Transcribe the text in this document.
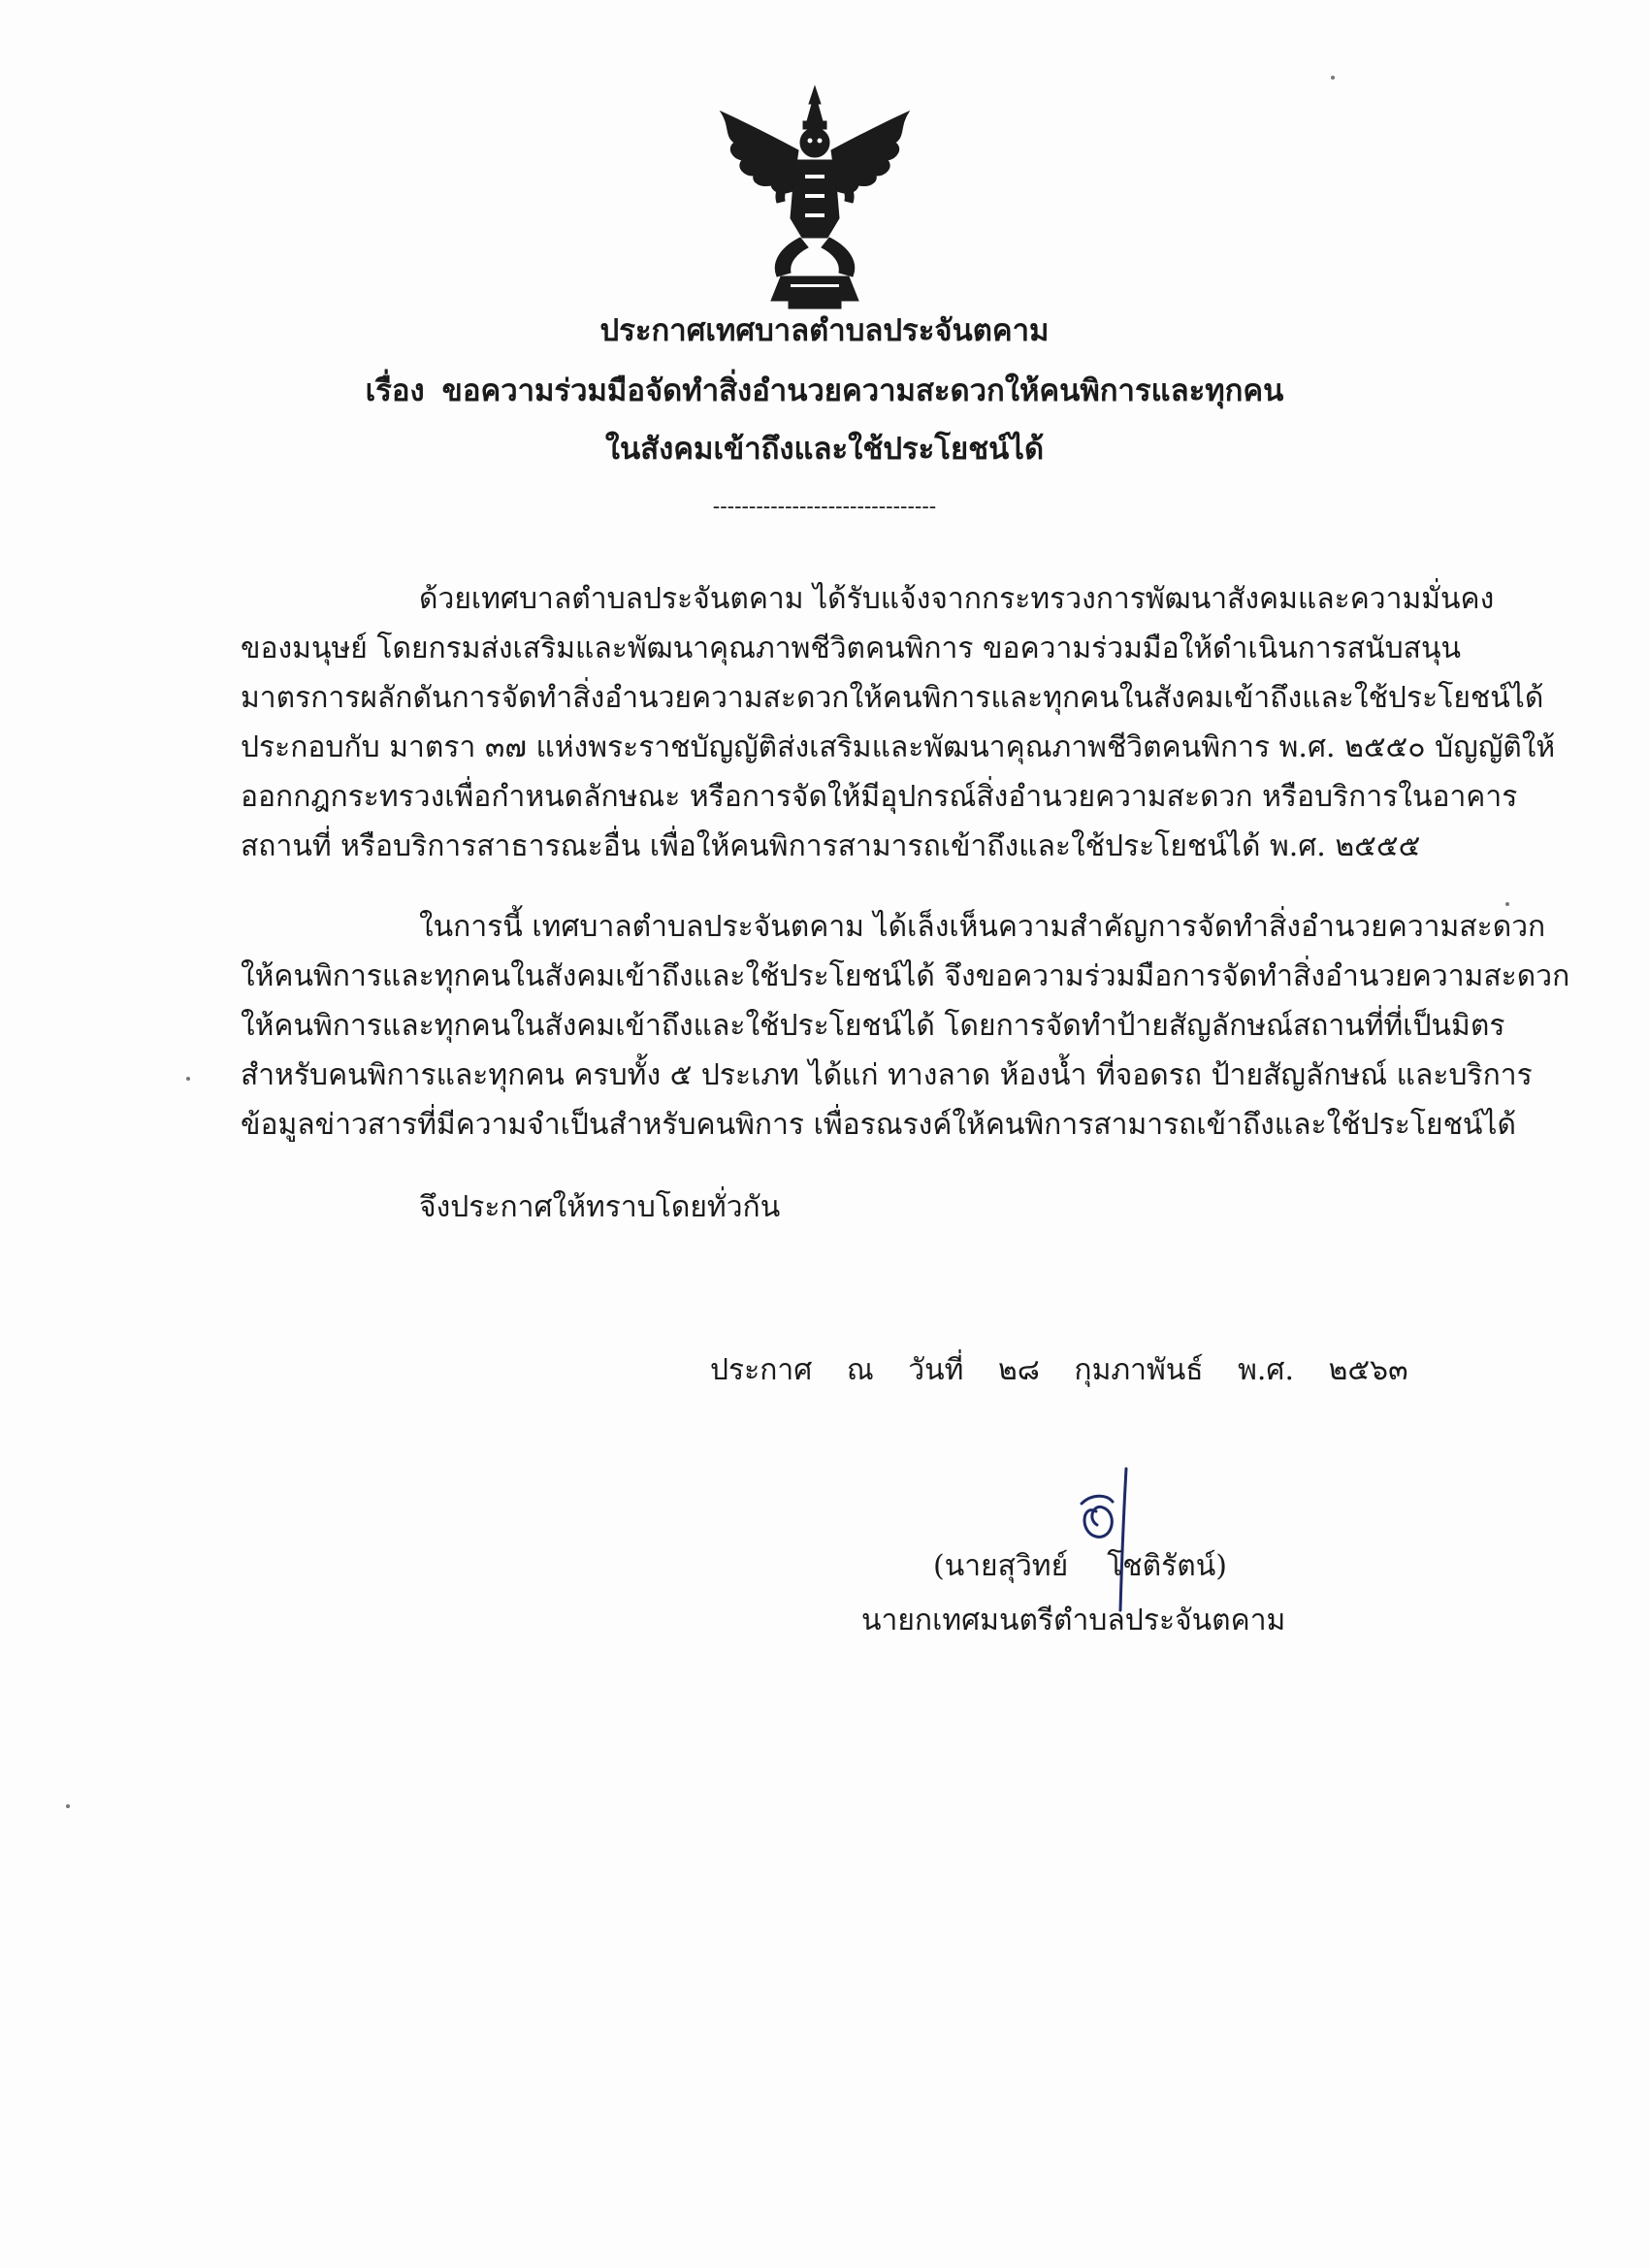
ประกาศเทศบาลตำบลประจันตคาม
เรื่อง ขอความร่วมมือจัดทำสิ่งอำนวยความสะดวกให้คนพิการและทุกคน
ในสังคมเข้าถึงและใช้ประโยชน์ได้
-------------------------------
ด้วยเทศบาลตำบลประจันตคาม ได้รับแจ้งจากกระทรวงการพัฒนาสังคมและความมั่นคง
ของมนุษย์ โดยกรมส่งเสริมและพัฒนาคุณภาพชีวิตคนพิการ ขอความร่วมมือให้ดำเนินการสนับสนุน
มาตรการผลักดันการจัดทำสิ่งอำนวยความสะดวกให้คนพิการและทุกคนในสังคมเข้าถึงและใช้ประโยชน์ได้
ประกอบกับ มาตรา ๓๗ แห่งพระราชบัญญัติส่งเสริมและพัฒนาคุณภาพชีวิตคนพิการ พ.ศ. ๒๕๕๐ บัญญัติให้
ออกกฎกระทรวงเพื่อกำหนดลักษณะ หรือการจัดให้มีอุปกรณ์สิ่งอำนวยความสะดวก หรือบริการในอาคาร
สถานที่ หรือบริการสาธารณะอื่น เพื่อให้คนพิการสามารถเข้าถึงและใช้ประโยชน์ได้ พ.ศ. ๒๕๕๕
ในการนี้ เทศบาลตำบลประจันตคาม ได้เล็งเห็นความสำคัญการจัดทำสิ่งอำนวยความสะดวก
ให้คนพิการและทุกคนในสังคมเข้าถึงและใช้ประโยชน์ได้ จึงขอความร่วมมือการจัดทำสิ่งอำนวยความสะดวก
ให้คนพิการและทุกคนในสังคมเข้าถึงและใช้ประโยชน์ได้ โดยการจัดทำป้ายสัญลักษณ์สถานที่ที่เป็นมิตร
สำหรับคนพิการและทุกคน ครบทั้ง ๕ ประเภท ได้แก่ ทางลาด ห้องน้ำ ที่จอดรถ ป้ายสัญลักษณ์ และบริการ
ข้อมูลข่าวสารที่มีความจำเป็นสำหรับคนพิการ เพื่อรณรงค์ให้คนพิการสามารถเข้าถึงและใช้ประโยชน์ได้
จึงประกาศให้ทราบโดยทั่วกัน
ประกาศ ณ วันที่ ๒๘ กุมภาพันธ์ พ.ศ. ๒๕๖๓
(นายสุวิทย์ โชติรัตน์)
นายกเทศมนตรีตำบลประจันตคาม
